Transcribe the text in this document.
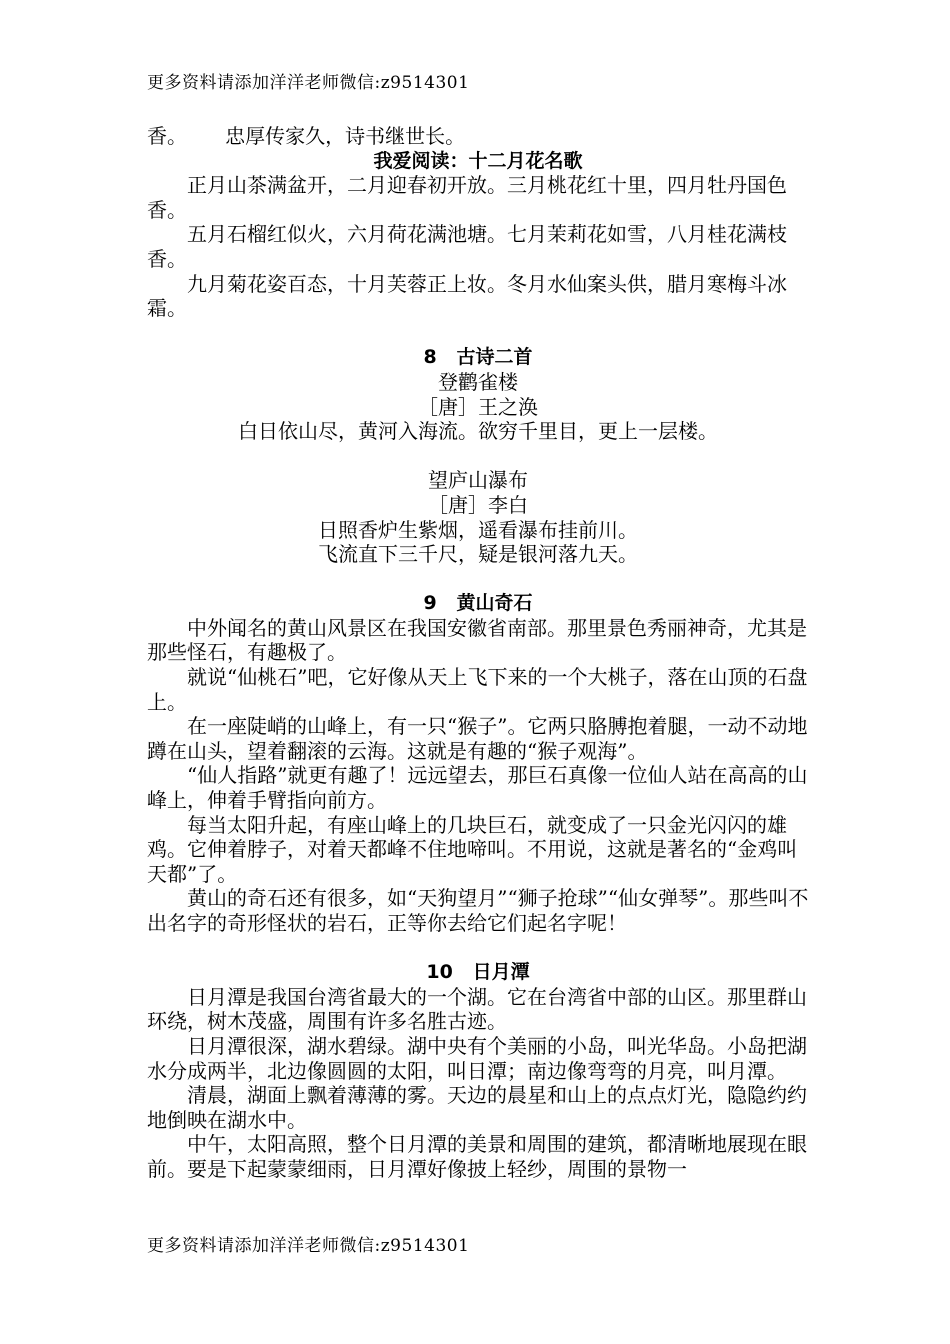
更多资料请添加洋洋老师微信:z9514301

香。      忠厚传家久，诗书继世长。

我爱阅读：十二月花名歌

正月山茶满盆开，二月迎春初开放。三月桃花红十里，四月牡丹国色香。

五月石榴红似火，六月荷花满池塘。七月茉莉花如雪，八月桂花满枝香。

九月菊花姿百态，十月芙蓉正上妆。冬月水仙案头供，腊月寒梅斗冰霜。

8   古诗二首

登鹳雀楼

［唐］王之涣

白日依山尽，黄河入海流。欲穷千里目，更上一层楼。

望庐山瀑布

［唐］李白

日照香炉生紫烟，遥看瀑布挂前川。

飞流直下三千尺，疑是银河落九天。

9   黄山奇石

中外闻名的黄山风景区在我国安徽省南部。那里景色秀丽神奇，尤其是那些怪石，有趣极了。

就说“仙桃石”吧，它好像从天上飞下来的一个大桃子，落在山顶的石盘上。

在一座陡峭的山峰上，有一只“猴子”。它两只胳膊抱着腿，一动不动地蹲在山头，望着翻滚的云海。这就是有趣的“猴子观海”。

“仙人指路”就更有趣了！远远望去，那巨石真像一位仙人站在高高的山峰上，伸着手臂指向前方。

每当太阳升起，有座山峰上的几块巨石，就变成了一只金光闪闪的雄鸡。它伸着脖子，对着天都峰不住地啼叫。不用说，这就是著名的“金鸡叫天都”了。

黄山的奇石还有很多，如“天狗望月”“狮子抢球”“仙女弹琴”。那些叫不出名字的奇形怪状的岩石，正等你去给它们起名字呢！

10   日月潭

日月潭是我国台湾省最大的一个湖。它在台湾省中部的山区。那里群山环绕，树木茂盛，周围有许多名胜古迹。

日月潭很深，湖水碧绿。湖中央有个美丽的小岛，叫光华岛。小岛把湖水分成两半，北边像圆圆的太阳，叫日潭；南边像弯弯的月亮，叫月潭。

清晨，湖面上飘着薄薄的雾。天边的晨星和山上的点点灯光，隐隐约约地倒映在湖水中。

中午，太阳高照，整个日月潭的美景和周围的建筑，都清晰地展现在眼前。要是下起蒙蒙细雨，日月潭好像披上轻纱，周围的景物一

更多资料请添加洋洋老师微信:z9514301
